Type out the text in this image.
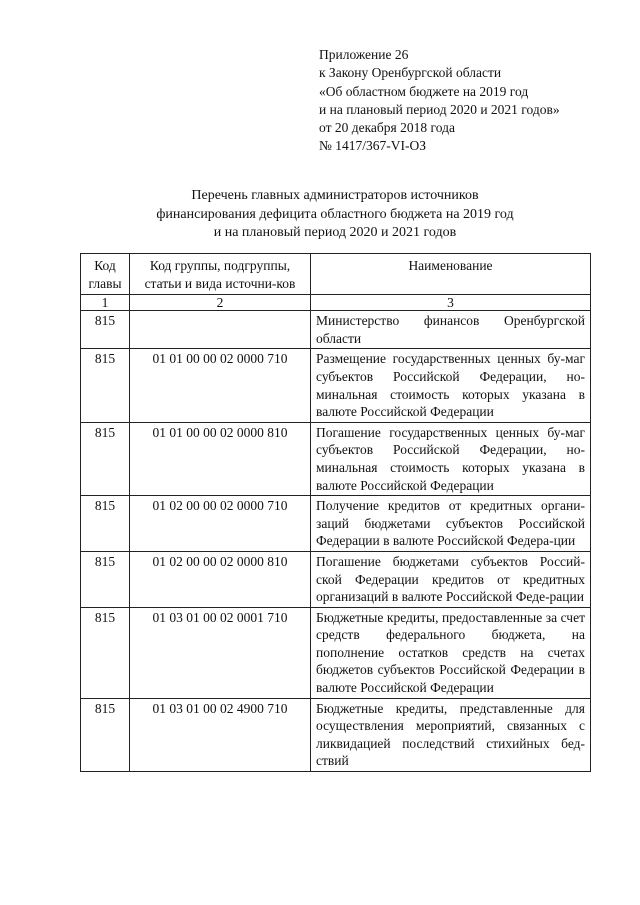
Приложение 26
к Закону Оренбургской области
«Об областном бюджете на 2019 год
и на плановый период 2020 и 2021 годов»
от 20 декабря 2018 года
№ 1417/367-VI-ОЗ
Перечень главных администраторов источников
финансирования дефицита областного бюджета на 2019 год
и на плановый период 2020 и 2021 годов
Код главы	Код группы, подгруппы, статьи и вида источни-ков	Наименование
1	2	3
815		Министерство финансов Оренбургской области
815	01 01 00 00 02 0000 710	Размещение государственных ценных бу-маг субъектов Российской Федерации, но-минальная стоимость которых указана в валюте Российской Федерации
815	01 01 00 00 02 0000 810	Погашение государственных ценных бу-маг субъектов Российской Федерации, но-минальная стоимость которых указана в валюте Российской Федерации
815	01 02 00 00 02 0000 710	Получение кредитов от кредитных органи-заций бюджетами субъектов Российской Федерации в валюте Российской Федера-ции
815	01 02 00 00 02 0000 810	Погашение бюджетами субъектов Россий-ской Федерации кредитов от кредитных организаций в валюте Российской Феде-рации
815	01 03 01 00 02 0001 710	Бюджетные кредиты, предоставленные за счет средств федерального бюджета, на пополнение остатков средств на счетах бюджетов субъектов Российской Федерации в валюте Российской Федерации
815	01 03 01 00 02 4900 710	Бюджетные кредиты, представленные для осуществления мероприятий, связанных с ликвидацией последствий стихийных бед-ствий
